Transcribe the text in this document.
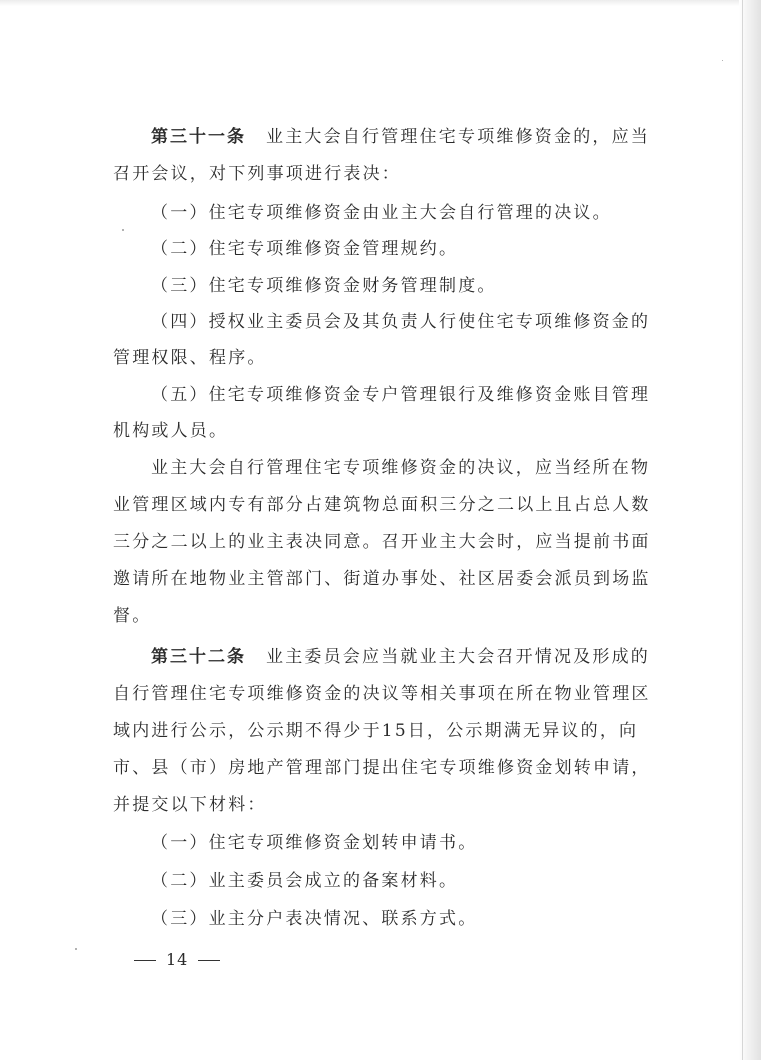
第三十一条 业主大会自行管理住宅专项维修资金的，应当
召开会议，对下列事项进行表决：
（一）住宅专项维修资金由业主大会自行管理的决议。
（二）住宅专项维修资金管理规约。
（三）住宅专项维修资金财务管理制度。
（四）授权业主委员会及其负责人行使住宅专项维修资金的
管理权限、程序。
（五）住宅专项维修资金专户管理银行及维修资金账目管理
机构或人员。
业主大会自行管理住宅专项维修资金的决议，应当经所在物
业管理区域内专有部分占建筑物总面积三分之二以上且占总人数
三分之二以上的业主表决同意。召开业主大会时，应当提前书面
邀请所在地物业主管部门、街道办事处、社区居委会派员到场监
督。
第三十二条 业主委员会应当就业主大会召开情况及形成的
自行管理住宅专项维修资金的决议等相关事项在所在物业管理区
域内进行公示，公示期不得少于15日，公示期满无异议的，向
市、县（市）房地产管理部门提出住宅专项维修资金划转申请，
并提交以下材料：
（一）住宅专项维修资金划转申请书。
（二）业主委员会成立的备案材料。
（三）业主分户表决情况、联系方式。
14
